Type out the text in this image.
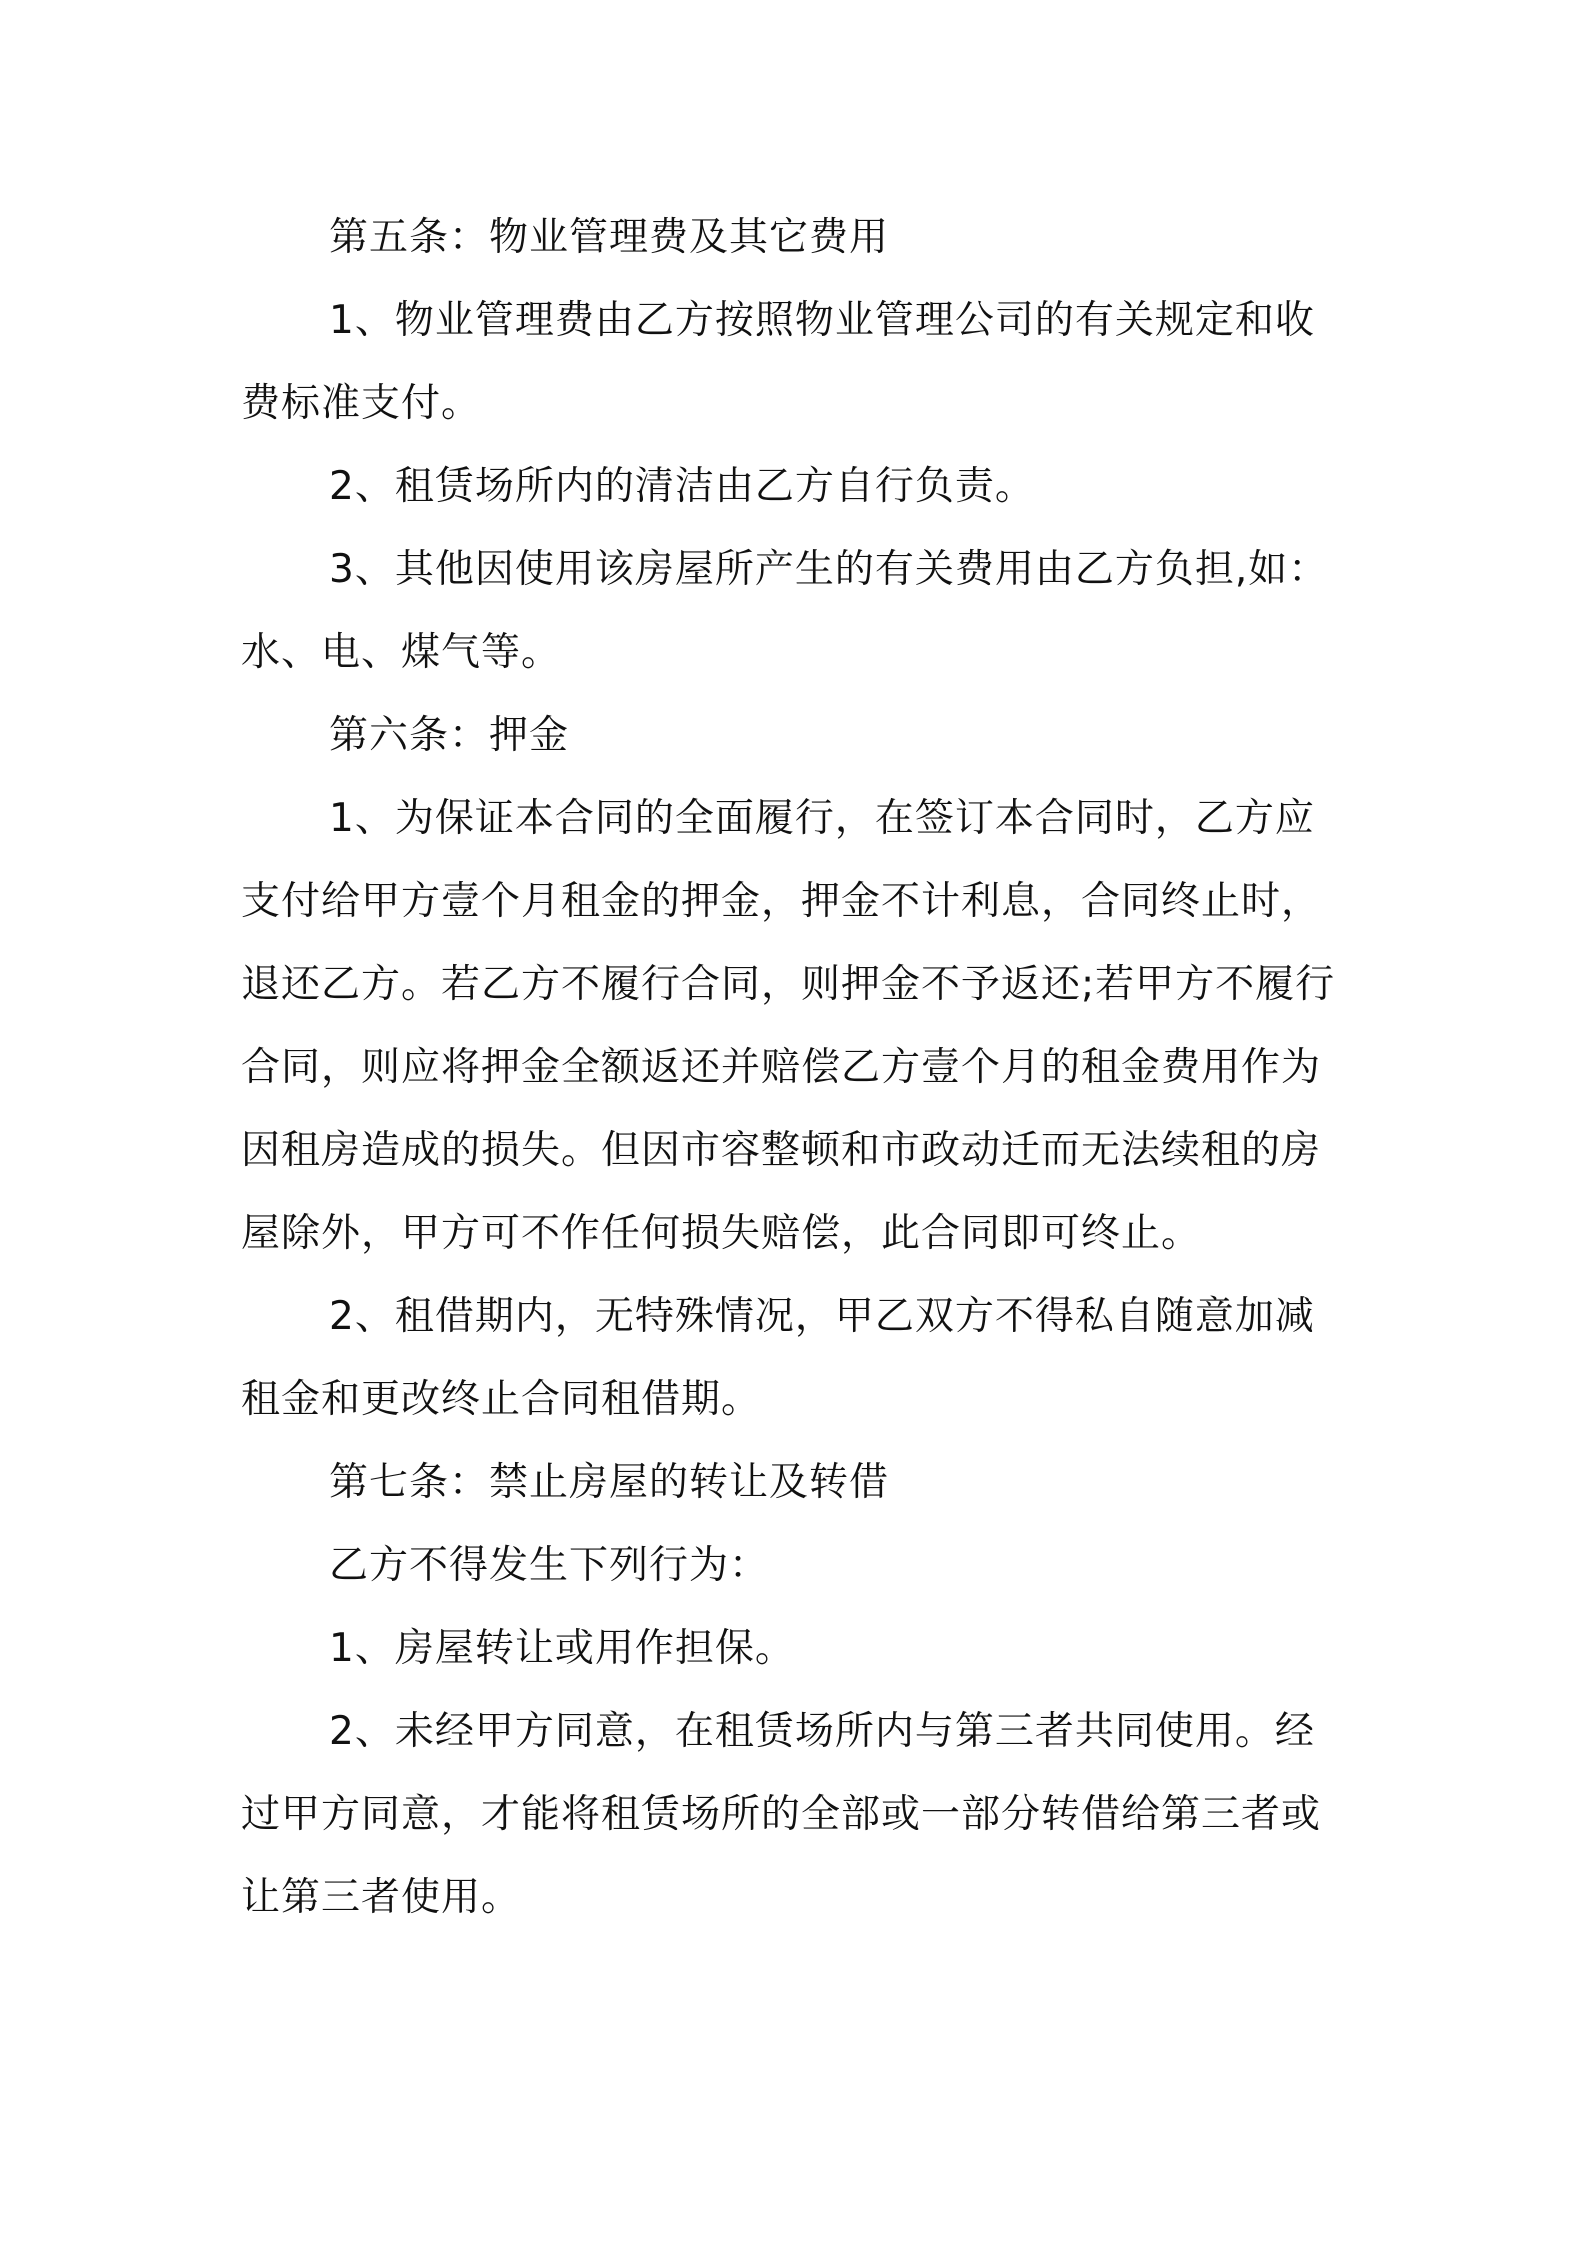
第五条：物业管理费及其它费用

1、物业管理费由乙方按照物业管理公司的有关规定和收费标准支付。

2、租赁场所内的清洁由乙方自行负责。

3、其他因使用该房屋所产生的有关费用由乙方负担,如：水、电、煤气等。

第六条：押金

1、为保证本合同的全面履行，在签订本合同时，乙方应支付给甲方壹个月租金的押金，押金不计利息，合同终止时，退还乙方。若乙方不履行合同，则押金不予返还;若甲方不履行合同，则应将押金全额返还并赔偿乙方壹个月的租金费用作为因租房造成的损失。但因市容整顿和市政动迁而无法续租的房屋除外，甲方可不作任何损失赔偿，此合同即可终止。

2、租借期内，无特殊情况，甲乙双方不得私自随意加减租金和更改终止合同租借期。

第七条：禁止房屋的转让及转借

乙方不得发生下列行为：

1、房屋转让或用作担保。

2、未经甲方同意，在租赁场所内与第三者共同使用。经过甲方同意，才能将租赁场所的全部或一部分转借给第三者或让第三者使用。
